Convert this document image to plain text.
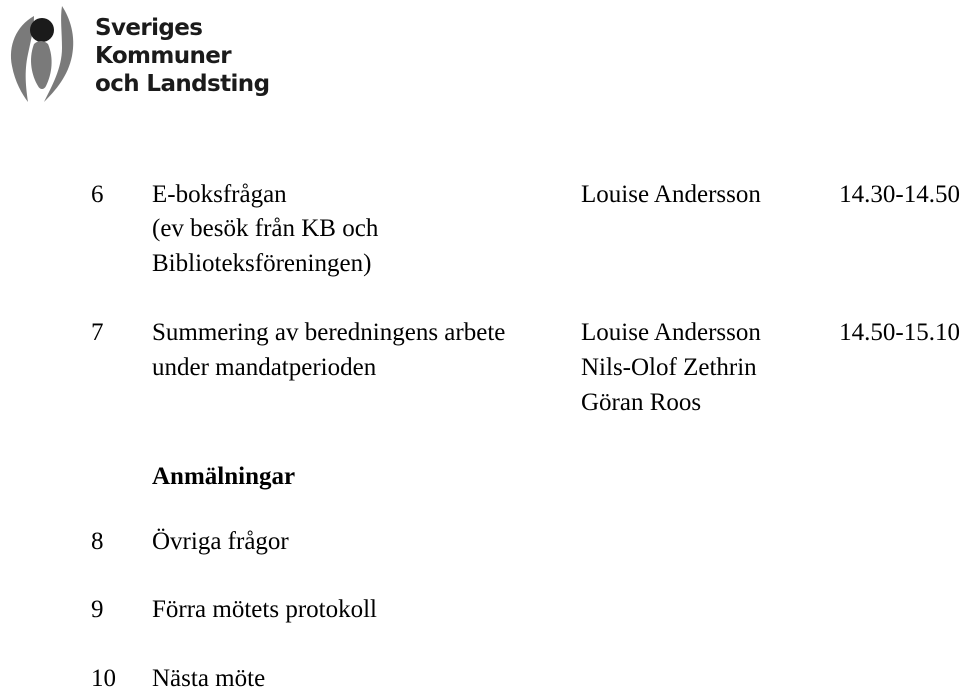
Sveriges
Kommuner
och Landsting
6 E-boksfrågan
(ev besök från KB och
Biblioteksföreningen)
Louise Andersson	14.30-14.50
7 Summering av beredningens arbete
under mandatperioden
Louise Andersson
Nils-Olof Zethrin
Göran Roos
14.50-15.10
Anmälningar
8 Övriga frågor
9 Förra mötets protokoll
10 Nästa möte
